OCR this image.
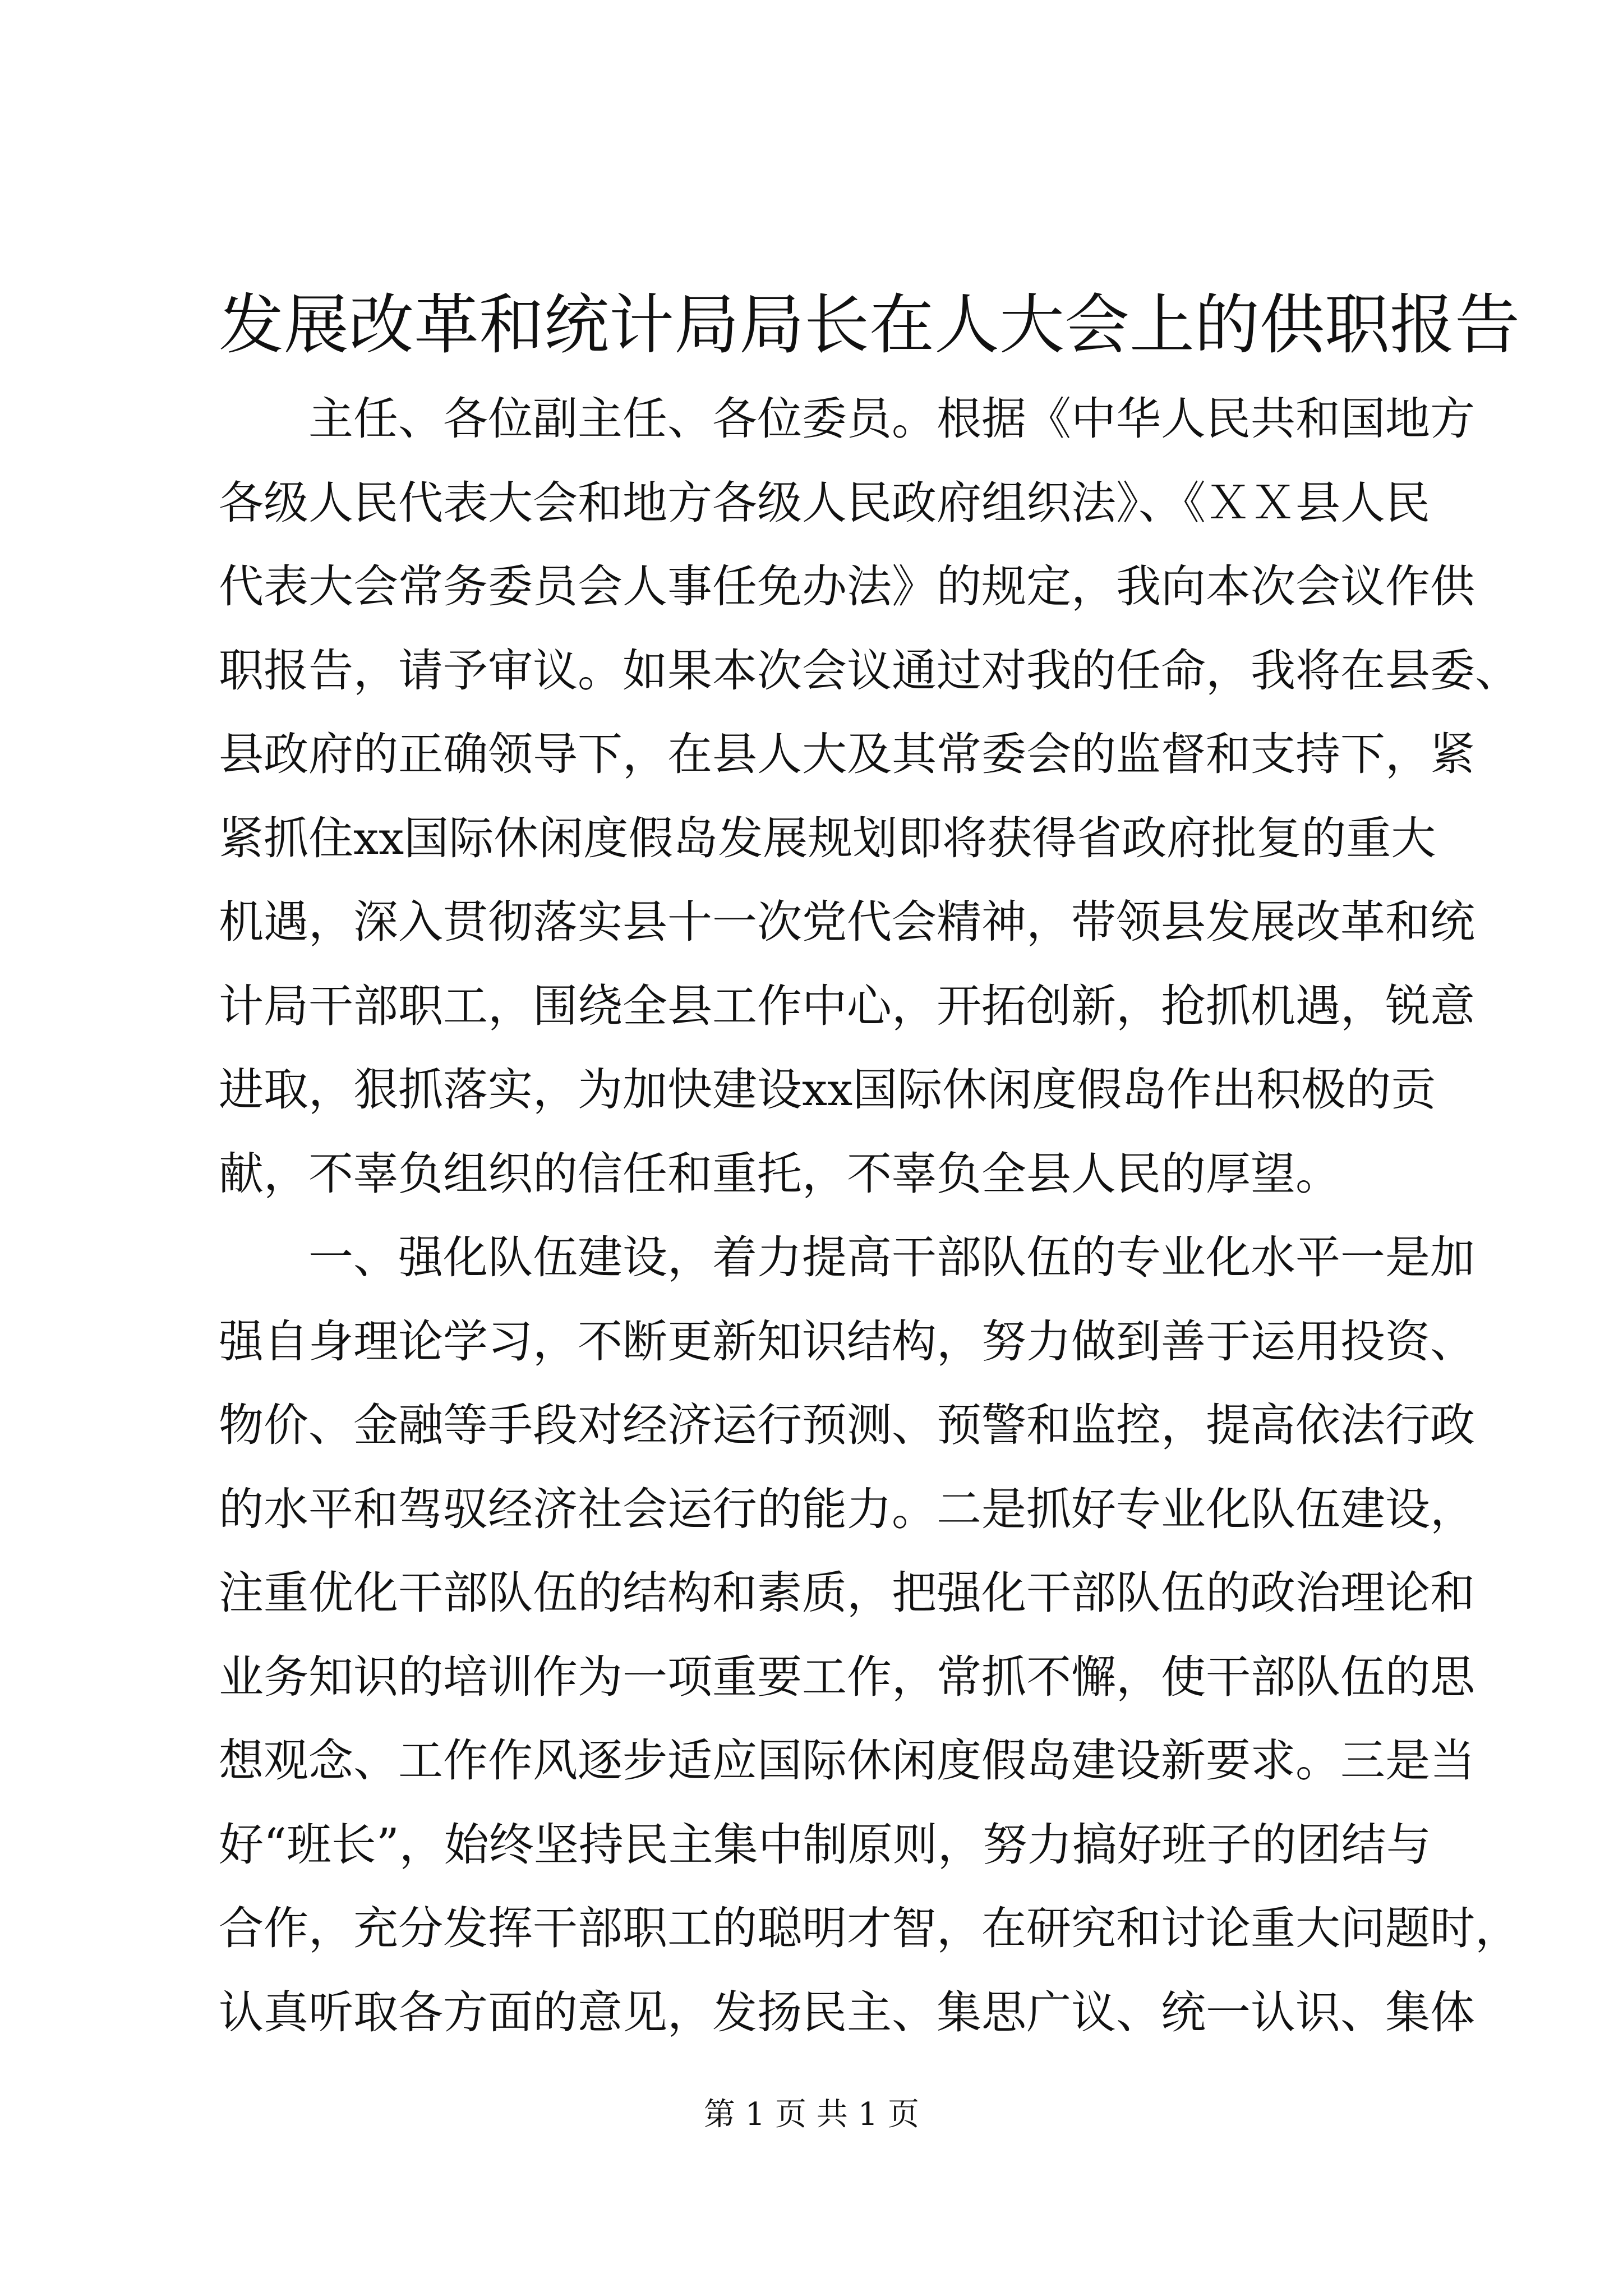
发展改革和统计局局长在人大会上的供职报告
主任、各位副主任、各位委员。根据《中华人民共和国地方
各级人民代表大会和地方各级人民政府组织法》、《ＸＸ县人民
代表大会常务委员会人事任免办法》的规定，我向本次会议作供
职报告，请予审议。如果本次会议通过对我的任命，我将在县委、
县政府的正确领导下，在县人大及其常委会的监督和支持下，紧
紧抓住xx国际休闲度假岛发展规划即将获得省政府批复的重大
机遇，深入贯彻落实县十一次党代会精神，带领县发展改革和统
计局干部职工，围绕全县工作中心，开拓创新，抢抓机遇，锐意
进取，狠抓落实，为加快建设xx国际休闲度假岛作出积极的贡
献，不辜负组织的信任和重托，不辜负全县人民的厚望。
一、强化队伍建设，着力提高干部队伍的专业化水平一是加
强自身理论学习，不断更新知识结构，努力做到善于运用投资、
物价、金融等手段对经济运行预测、预警和监控，提高依法行政
的水平和驾驭经济社会运行的能力。二是抓好专业化队伍建设，
注重优化干部队伍的结构和素质，把强化干部队伍的政治理论和
业务知识的培训作为一项重要工作，常抓不懈，使干部队伍的思
想观念、工作作风逐步适应国际休闲度假岛建设新要求。三是当
好“班长”，始终坚持民主集中制原则，努力搞好班子的团结与
合作，充分发挥干部职工的聪明才智，在研究和讨论重大问题时，
认真听取各方面的意见，发扬民主、集思广议、统一认识、集体
第 1 页 共 1 页
